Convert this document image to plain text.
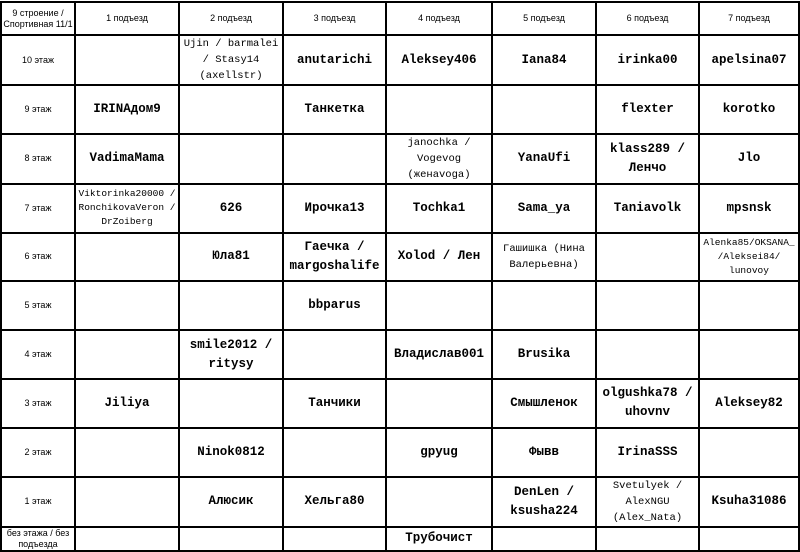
9 строение / Спортивная 11/1	1 подъезд	2 подъезд	3 подъезд	4 подъезд	5 подъезд	6 подъезд	7 подъезд
10 этаж		Ujin / barmalei / Stasy14 (axellstr)	anutarichi	Aleksey406	Iana84	irinka00	apelsina07
9 этаж	IRINAдом9		Танкетка			flexter	korotko
8 этаж	VadimaMama			janochka / Vogevog (женаvoga)	YanaUfi	klass289 / Ленчо	Jlo
7 этаж	Viktorinka20000 / RonchikovaVeron / DrZoiberg	626	Ирочка13	Tochka1	Sama_ya	Taniavolk	mpsnsk
6 этаж		Юла81	Гаечка / margoshalife	Xolod / Лен	Гашишка (Нина Валерьевна)		Alenka85/OKSANA_ /Aleksei84/ lunovoy
5 этаж			bbparus				
4 этаж		smile2012 / ritysy		Владислав001	Brusika		
3 этаж	Jiliya		Танчики		Смышленок	olgushka78 / uhovnv	Aleksey82
2 этаж		Ninok0812		gpyug	Фывв	IrinaSSS	
1 этаж		Алюсик	Хельга80		DenLen / ksusha224	Svetulyek / AlexNGU (Alex_Nata)	Ksuha31086
без этажа / без подъезда				Трубочист			
